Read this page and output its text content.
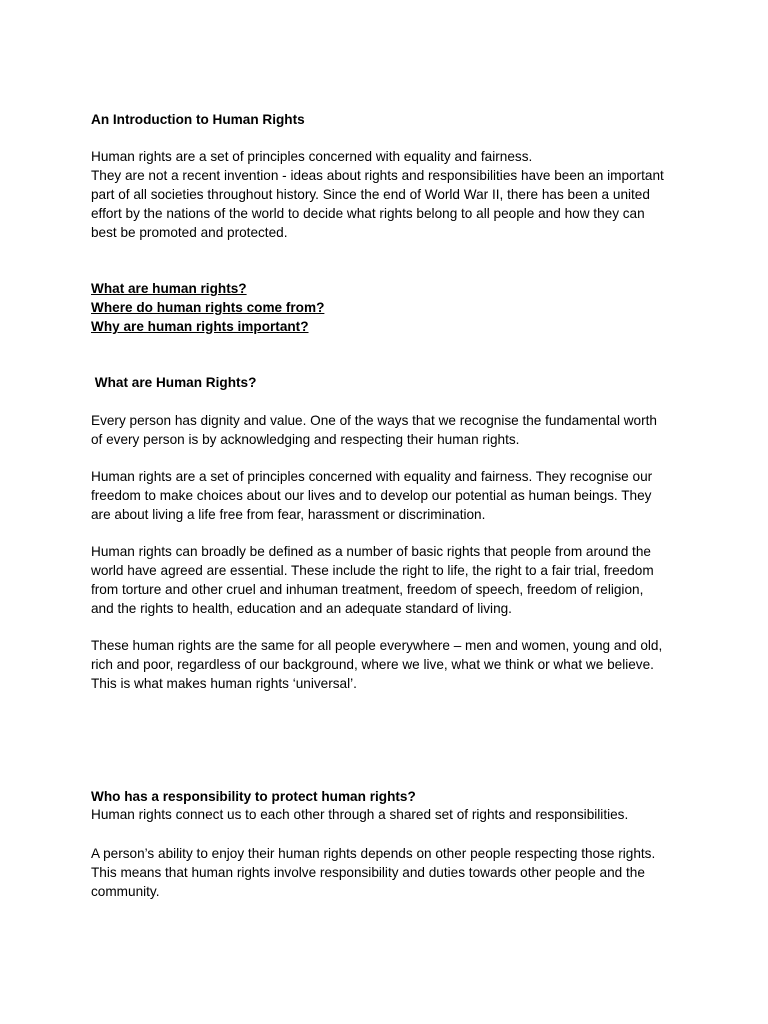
An Introduction to Human Rights

Human rights are a set of principles concerned with equality and fairness.
They are not a recent invention - ideas about rights and responsibilities have been an important
part of all societies throughout history. Since the end of World War II, there has been a united
effort by the nations of the world to decide what rights belong to all people and how they can
best be promoted and protected.
What are human rights?
Where do human rights come from?
Why are human rights important?

What are Human Rights?

Every person has dignity and value. One of the ways that we recognise the fundamental worth
of every person is by acknowledging and respecting their human rights.
Human rights are a set of principles concerned with equality and fairness. They recognise our
freedom to make choices about our lives and to develop our potential as human beings. They
are about living a life free from fear, harassment or discrimination.
Human rights can broadly be defined as a number of basic rights that people from around the
world have agreed are essential. These include the right to life, the right to a fair trial, freedom
from torture and other cruel and inhuman treatment, freedom of speech, freedom of religion,
and the rights to health, education and an adequate standard of living.
These human rights are the same for all people everywhere – men and women, young and old,
rich and poor, regardless of our background, where we live, what we think or what we believe.
This is what makes human rights ‘universal’.

Who has a responsibility to protect human rights?

Human rights connect us to each other through a shared set of rights and responsibilities.
A person’s ability to enjoy their human rights depends on other people respecting those rights.
This means that human rights involve responsibility and duties towards other people and the
community.
